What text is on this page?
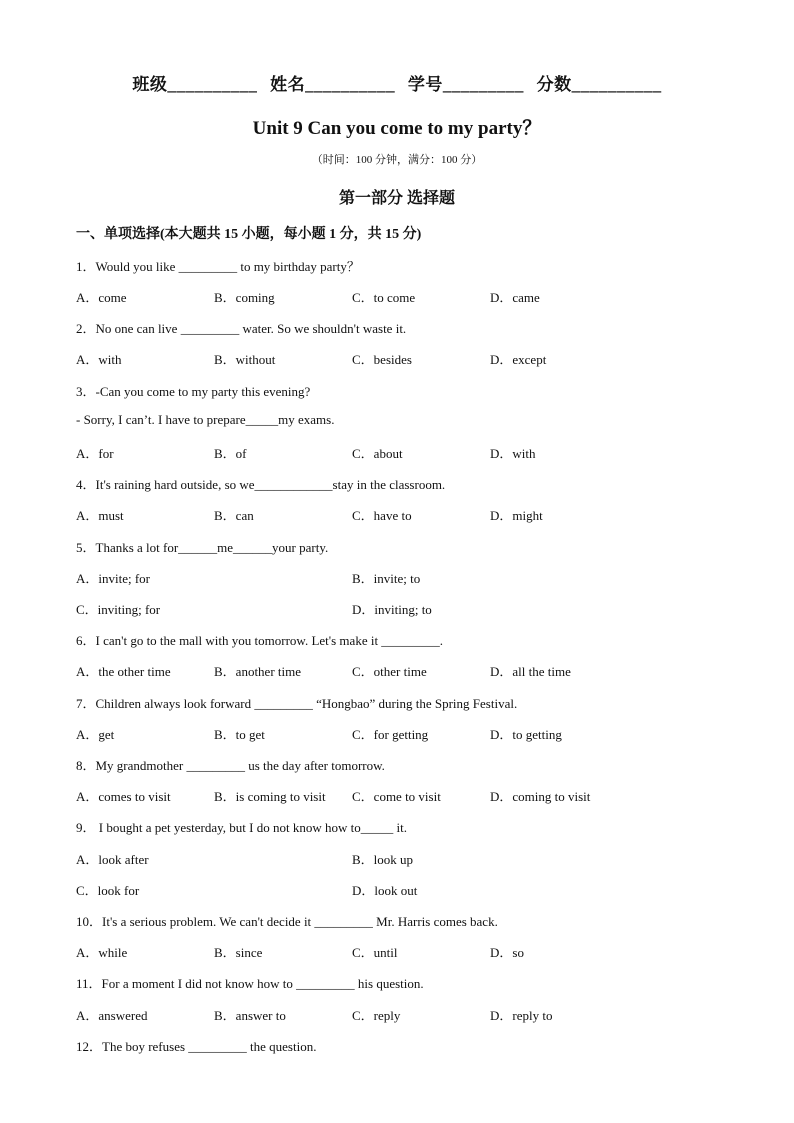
班级__________ 姓名__________ 学号_________ 分数__________
Unit 9 Can you come to my party？
（时间：100 分钟，满分：100 分）
第一部分 选择题
一、单项选择(本大题共 15 小题，每小题 1 分，共 15 分)
1．Would you like _________ to my birthday party？
A．come	B．coming	C．to come	D．came
2．No one can live _________ water. So we shouldn't waste it.
A．with	B．without	C．besides	D．except
3．-Can you come to my party this evening?
- Sorry, I can’t. I have to prepare_____my exams.
A．for	B．of	C．about	D．with
4．It's raining hard outside, so we____________stay in the classroom.
A．must	B．can	C．have to	D．might
5．Thanks a lot for______me______your party.
A．invite; for	B．invite; to
C．inviting; for	D．inviting; to
6．I can't go to the mall with you tomorrow. Let's make it _________.
A．the other time	B．another time	C．other time	D．all the time
7．Children always look forward _________ “Hongbao” during the Spring Festival.
A．get	B．to get	C．for getting	D．to getting
8．My grandmother _________ us the day after tomorrow.
A．comes to visit	B．is coming to visit C．come to visit	D．coming to visit
9． I bought a pet yesterday, but I do not know how to_____ it.
A．look after	B．look up
C．look for	D．look out
10．It's a serious problem. We can't decide it _________ Mr. Harris comes back.
A．while	B．since	C．until	D．so
11．For a moment I did not know how to _________ his question.
A．answered	B．answer to	C．reply	D．reply to
12．The boy refuses _________ the question.
